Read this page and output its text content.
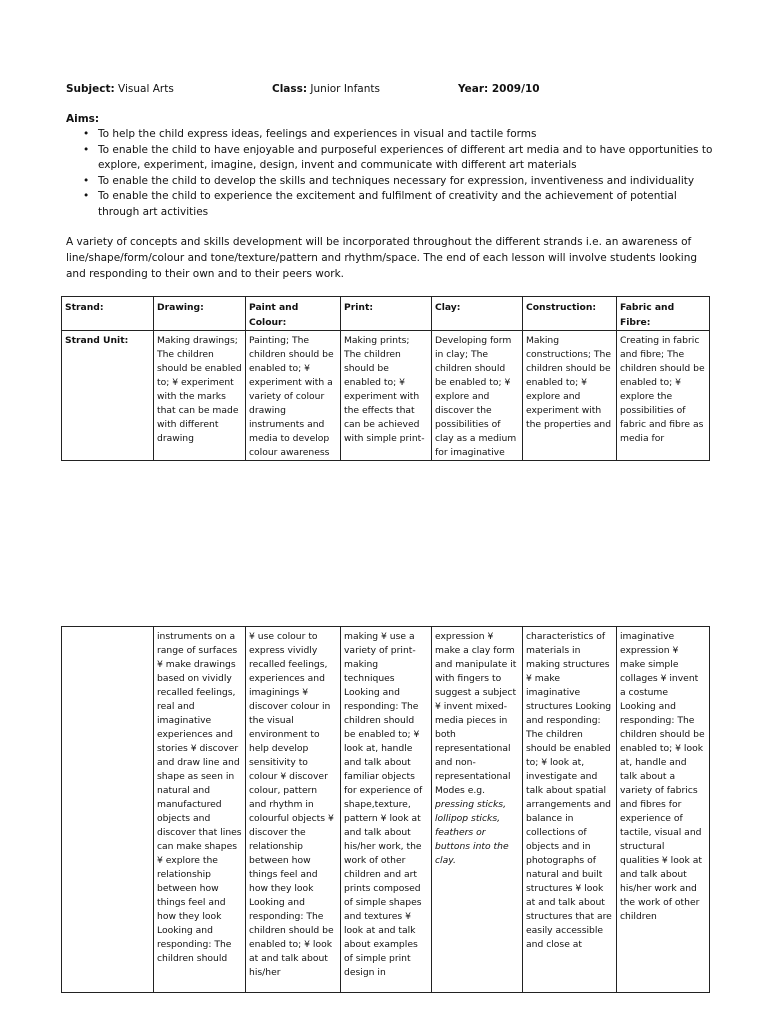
Subject: Visual Arts	Class: Junior Infants	Year: 2009/10
Aims:
• To help the child express ideas, feelings and experiences in visual and tactile forms
• To enable the child to have enjoyable and purposeful experiences of different art media and to have opportunities to explore, experiment, imagine, design, invent and communicate with different art materials
• To enable the child to develop the skills and techniques necessary for expression, inventiveness and individuality
• To enable the child to experience the excitement and fulfilment of creativity and the achievement of potential through art activities
A variety of concepts and skills development will be incorporated throughout the different strands i.e. an awareness of line/shape/form/colour and tone/texture/pattern and rhythm/space. The end of each lesson will involve students looking and responding to their own and to their peers work.
Strand:	Drawing:	Paint and Colour:	Print:	Clay:	Construction:	Fabric and Fibre:
Strand Unit:	Making drawings; The children should be enabled to; ¥ experiment with the marks that can be made with different drawing	Painting; The children should be enabled to; ¥ experiment with a variety of colour drawing instruments and media to develop colour awareness	Making prints; The children should be enabled to; ¥ experiment with the effects that can be achieved with simple print-	Developing form in clay; The children should be enabled to; ¥ explore and discover the possibilities of clay as a medium for imaginative	Making constructions; The children should be enabled to; ¥ explore and experiment with the properties and	Creating in fabric and fibre; The children should be enabled to; ¥ explore the possibilities of fabric and fibre as media for
	instruments on a range of surfaces ¥ make drawings based on vividly recalled feelings, real and imaginative experiences and stories ¥ discover and draw line and shape as seen in natural and manufactured objects and discover that lines can make shapes ¥ explore the relationship between how things feel and how they look Looking and responding: The children should	¥ use colour to express vividly recalled feelings, experiences and imaginings ¥ discover colour in the visual environment to help develop sensitivity to colour ¥ discover colour, pattern and rhythm in colourful objects ¥ discover the relationship between how things feel and how they look Looking and responding: The children should be enabled to; ¥ look at and talk about his/her	making ¥ use a variety of print-making techniques Looking and responding: The children should be enabled to; ¥ look at, handle and talk about familiar objects for experience of shape,texture, pattern ¥ look at and talk about his/her work, the work of other children and art prints composed of simple shapes and textures ¥ look at and talk about examples of simple print design in	expression ¥ make a clay form and manipulate it with fingers to suggest a subject ¥ invent mixed-media pieces in both representational and non-representational Modes e.g. pressing sticks, lollipop sticks, feathers or buttons into the clay.	characteristics of materials in making structures ¥ make imaginative structures Looking and responding: The children should be enabled to; ¥ look at, investigate and talk about spatial arrangements and balance in collections of objects and in photographs of natural and built structures ¥ look at and talk about structures that are easily accessible and close at	imaginative expression ¥ make simple collages ¥ invent a costume Looking and responding: The children should be enabled to; ¥ look at, handle and talk about a variety of fabrics and fibres for experience of tactile, visual and structural qualities ¥ look at and talk about his/her work and the work of other children
